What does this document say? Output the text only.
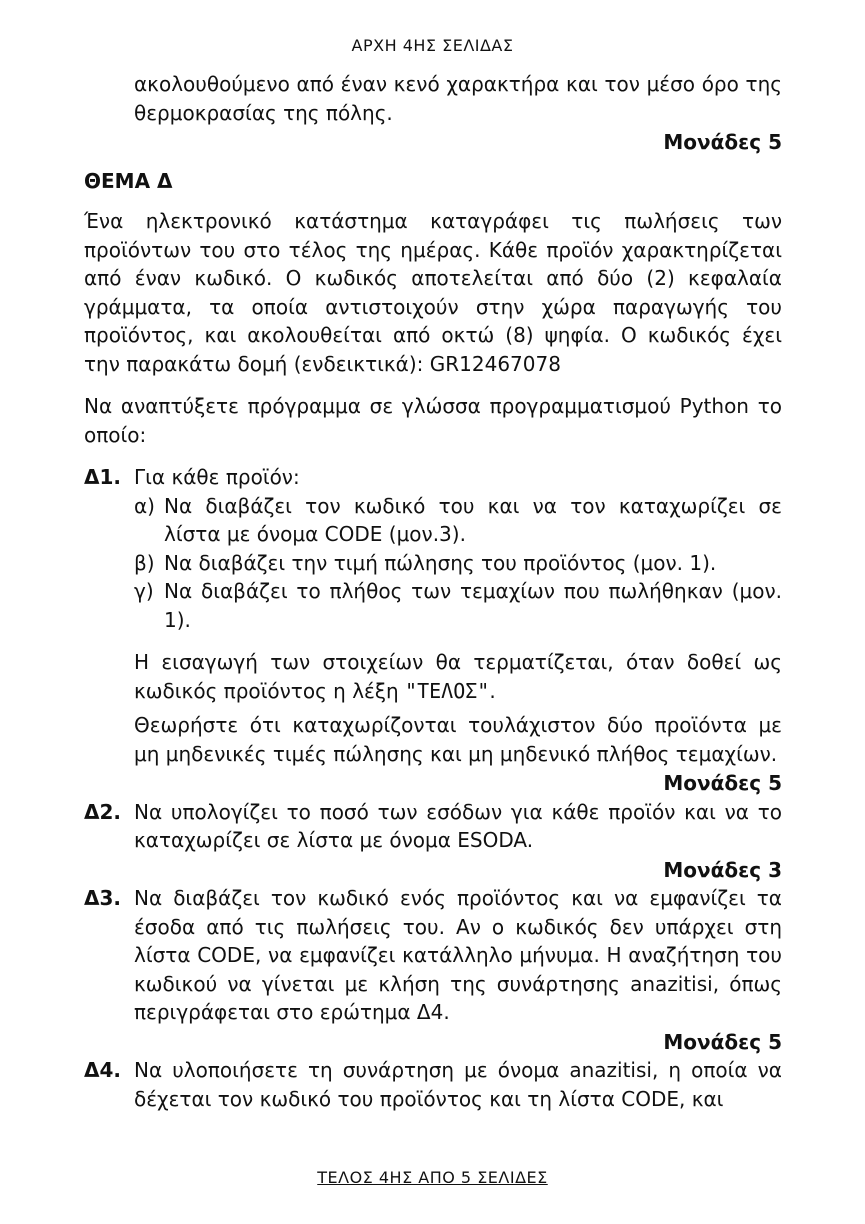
ΑΡΧΗ 4ΗΣ ΣΕΛΙΔΑΣ

ακολουθούμενο από έναν κενό χαρακτήρα και τον μέσο όρο της θερμοκρασίας της πόλης.

Μονάδες 5

ΘΕΜΑ Δ

Ένα ηλεκτρονικό κατάστημα καταγράφει τις πωλήσεις των προϊόντων του στο τέλος της ημέρας. Κάθε προϊόν χαρακτηρίζεται από έναν κωδικό. Ο κωδικός αποτελείται από δύο (2) κεφαλαία γράμματα, τα οποία αντιστοιχούν στην χώρα παραγωγής του προϊόντος, και ακολουθείται από οκτώ (8) ψηφία. Ο κωδικός έχει την παρακάτω δομή (ενδεικτικά): GR12467078

Να αναπτύξετε πρόγραμμα σε γλώσσα προγραμματισμού Python το οποίο:

Δ1. Για κάθε προϊόν:

α) Να διαβάζει τον κωδικό του και να τον καταχωρίζει σε λίστα με όνομα CODE (μον.3).
β) Να διαβάζει την τιμή πώλησης του προϊόντος (μον. 1).
γ) Να διαβάζει το πλήθος των τεμαχίων που πωλήθηκαν (μον. 1).

Η εισαγωγή των στοιχείων θα τερματίζεται, όταν δοθεί ως κωδικός προϊόντος η λέξη "ΤΕΛΟΣ".

Θεωρήστε ότι καταχωρίζονται τουλάχιστον δύο προϊόντα με μη μηδενικές τιμές πώλησης και μη μηδενικό πλήθος τεμαχίων.

Μονάδες 5

Δ2. Να υπολογίζει το ποσό των εσόδων για κάθε προϊόν και να το καταχωρίζει σε λίστα με όνομα ESODA.

Μονάδες 3

Δ3. Να διαβάζει τον κωδικό ενός προϊόντος και να εμφανίζει τα έσοδα από τις πωλήσεις του. Αν ο κωδικός δεν υπάρχει στη λίστα CODE, να εμφανίζει κατάλληλο μήνυμα. Η αναζήτηση του κωδικού να γίνεται με κλήση της συνάρτησης anazitisi, όπως περιγράφεται στο ερώτημα Δ4.

Μονάδες 5

Δ4. Να υλοποιήσετε τη συνάρτηση με όνομα anazitisi, η οποία να δέχεται τον κωδικό του προϊόντος και τη λίστα CODE, και
ΤΕΛΟΣ 4ΗΣ ΑΠΟ 5 ΣΕΛΙΔΕΣ
